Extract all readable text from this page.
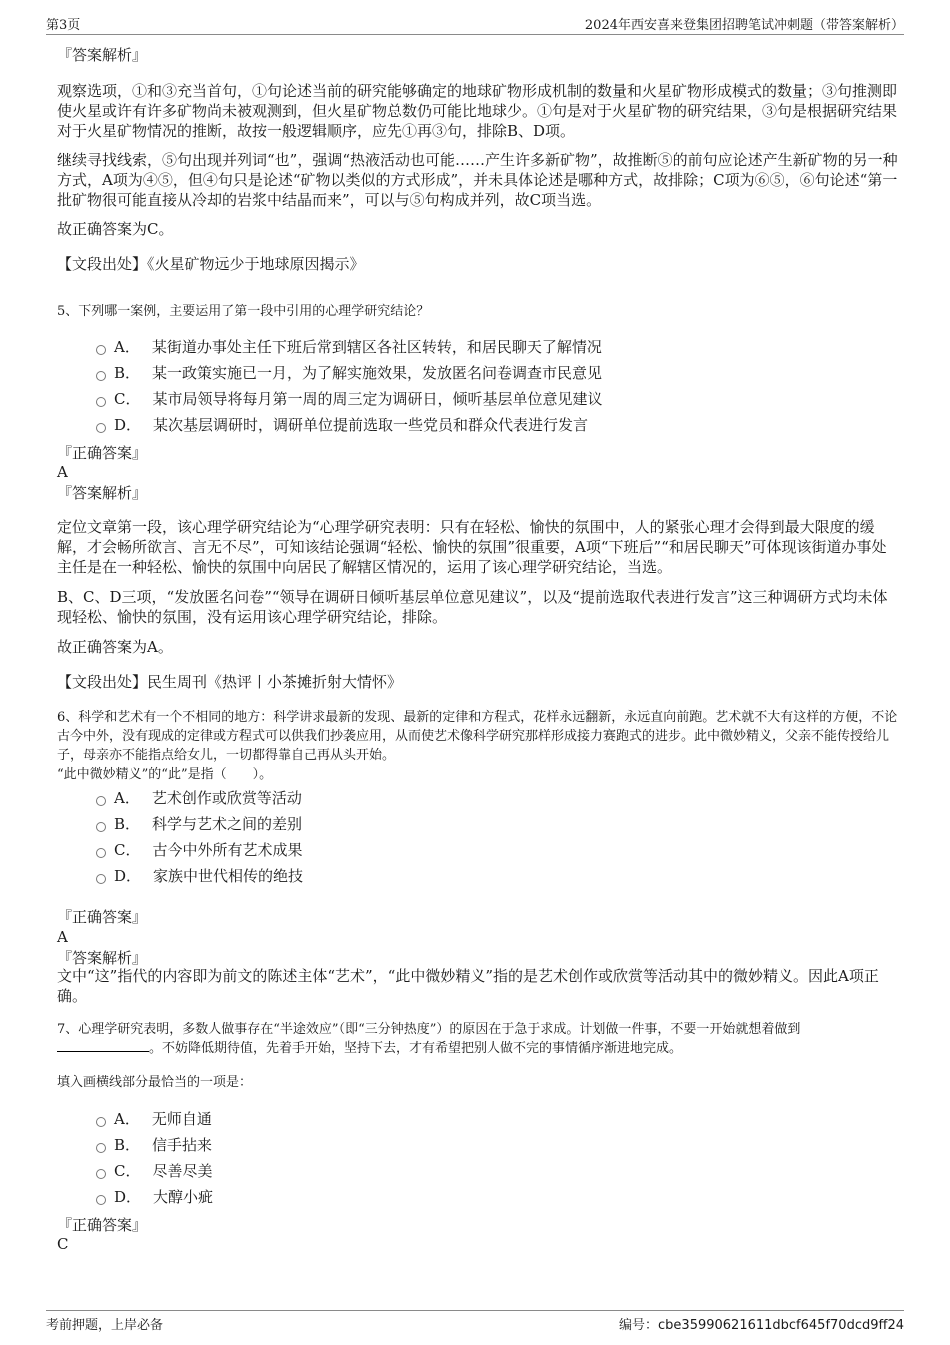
第3页	2024年西安喜来登集团招聘笔试冲刺题（带答案解析）
『答案解析』

观察选项，①和③充当首句，①句论述当前的研究能够确定的地球矿物形成机制的数量和火星矿物形成模式的数量；③句推测即使火星或许有许多矿物尚未被观测到，但火星矿物总数仍可能比地球少。①句是对于火星矿物的研究结果，③句是根据研究结果对于火星矿物情况的推断，故按一般逻辑顺序，应先①再③句，排除B、D项。

继续寻找线索，⑤句出现并列词“也”，强调“热液活动也可能……产生许多新矿物”，故推断⑤的前句应论述产生新矿物的另一种方式，A项为④⑤，但④句只是论述“矿物以类似的方式形成”，并未具体论述是哪种方式，故排除；C项为⑥⑤，⑥句论述“第一批矿物很可能直接从冷却的岩浆中结晶而来”，可以与⑤句构成并列，故C项当选。

故正确答案为C。

【文段出处】《火星矿物远少于地球原因揭示》

5、下列哪一案例，主要运用了第一段中引用的心理学研究结论？

A． 某街道办事处主任下班后常到辖区各社区转转，和居民聊天了解情况
B． 某一政策实施已一月，为了解实施效果，发放匿名问卷调查市民意见
C． 某市局领导将每月第一周的周三定为调研日，倾听基层单位意见建议
D． 某次基层调研时，调研单位提前选取一些党员和群众代表进行发言
『正确答案』
A
『答案解析』

定位文章第一段，该心理学研究结论为“心理学研究表明：只有在轻松、愉快的氛围中，人的紧张心理才会得到最大限度的缓解，才会畅所欲言、言无不尽”，可知该结论强调“轻松、愉快的氛围”很重要，A项“下班后”“和居民聊天”可体现该街道办事处主任是在一种轻松、愉快的氛围中向居民了解辖区情况的，运用了该心理学研究结论，当选。

B、C、D三项，“发放匿名问卷”“领导在调研日倾听基层单位意见建议”，以及“提前选取代表进行发言”这三种调研方式均未体现轻松、愉快的氛围，没有运用该心理学研究结论，排除。

故正确答案为A。

【文段出处】民生周刊《热评丨小茶摊折射大情怀》

6、科学和艺术有一个不相同的地方：科学讲求最新的发现、最新的定律和方程式，花样永远翻新，永远直向前跑。艺术就不大有这样的方便，不论古今中外，没有现成的定律或方程式可以供我们抄袭应用，从而使艺术像科学研究那样形成接力赛跑式的进步。此中微妙精义，父亲不能传授给儿子，母亲亦不能指点给女儿，一切都得靠自己再从头开始。

“此中微妙精义”的“此”是指（　　）。

A． 艺术创作或欣赏等活动
B． 科学与艺术之间的差别
C． 古今中外所有艺术成果
D． 家族中世代相传的绝技
『正确答案』
A
『答案解析』

文中“这”指代的内容即为前文的陈述主体“艺术”，“此中微妙精义”指的是艺术创作或欣赏等活动其中的微妙精义。因此A项正确。

7、心理学研究表明，多数人做事存在“半途效应”（即“三分钟热度”）的原因在于急于求成。计划做一件事，不要一开始就想着做到
。不妨降低期待值，先着手开始，坚持下去，才有希望把别人做不完的事情循序渐进地完成。

填入画横线部分最恰当的一项是：

A． 无师自通
B． 信手拈来
C． 尽善尽美
D． 大醇小疵
『正确答案』
C
考前押题，上岸必备	编号：cbe35990621611dbcf645f70dcd9ff24
